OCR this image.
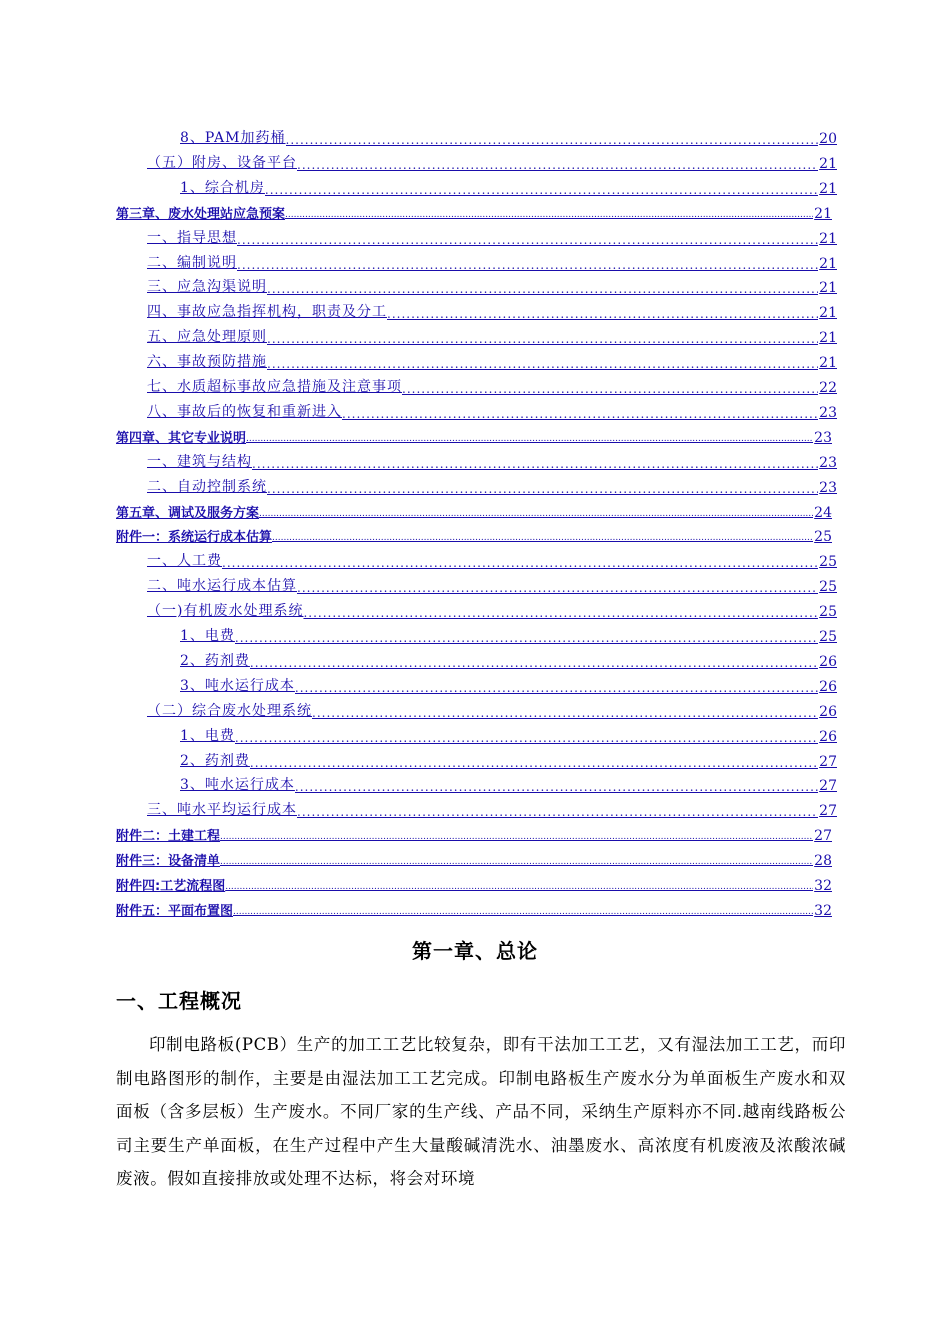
8、PAM加药桶 .....	20
（五）附房、设备平台 .....	21
1、综合机房 .....	21
第三章、废水处理站应急预案 .....	21
一、指导思想 .....	21
二、编制说明 .....	21
三、应急沟渠说明 .....	21
四、事故应急指挥机构，职责及分工 .....	21
五、应急处理原则 .....	21
六、事故预防措施 .....	21
七、水质超标事故应急措施及注意事项 .....	22
八、事故后的恢复和重新进入 .....	23
第四章、其它专业说明 .....	23
一、建筑与结构 .....	23
二、自动控制系统 .....	23
第五章、调试及服务方案 .....	24
附件一：系统运行成本估算 .....	25
一、人工费 .....	25
二、吨水运行成本估算 .....	25
（一)有机废水处理系统 .....	25
1、电费 .....	25
2、药剂费 .....	26
3、吨水运行成本 .....	26
（二）综合废水处理系统 .....	26
1、电费 .....	26
2、药剂费 .....	27
3、吨水运行成本 .....	27
三、吨水平均运行成本 .....	27
附件二：土建工程 .....	27
附件三：设备清单 .....	28
附件四:工艺流程图 .....	32
附件五：平面布置图 .....	32
第一章、总论
一、工程概况
印制电路板(PCB）生产的加工工艺比较复杂，即有干法加工工艺，又有湿法加工工艺，而印制电路图形的制作，主要是由湿法加工工艺完成。印制电路板生产废水分为单面板生产废水和双面板（含多层板）生产废水。不同厂家的生产线、产品不同，采纳生产原料亦不同.越南线路板公司主要生产单面板，在生产过程中产生大量酸碱清洗水、油墨废水、高浓度有机废液及浓酸浓碱废液。假如直接排放或处理不达标，将会对环境
